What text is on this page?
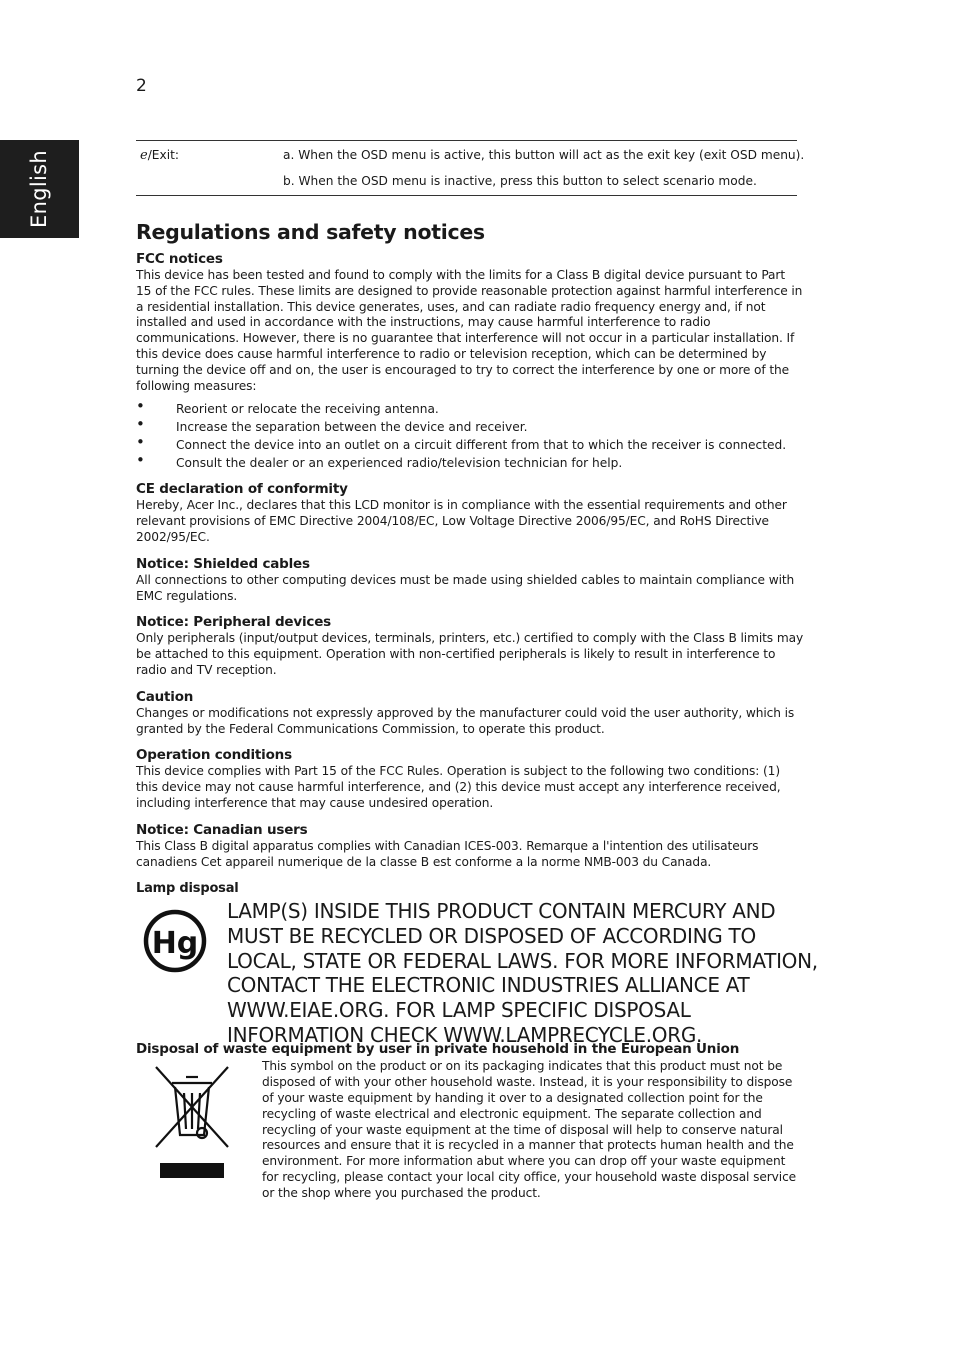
2
English	e/Exit:	a. When the OSD menu is active, this button will act as the exit key (exit OSD menu).
b. When the OSD menu is inactive, press this button to select scenario mode.
Regulations and safety notices
FCC notices

This device has been tested and found to comply with the limits for a Class B digital device pursuant to Part 15 of the FCC rules. These limits are designed to provide reasonable protection against harmful interference in a residential installation. This device generates, uses, and can radiate radio frequency energy and, if not installed and used in accordance with the instructions, may cause harmful interference to radio communications. However, there is no guarantee that interference will not occur in a particular installation. If this device does cause harmful interference to radio or television reception, which can be determined by turning the device off and on, the user is encouraged to try to correct the interference by one or more of the following measures:

• Reorient or relocate the receiving antenna.
• Increase the separation between the device and receiver.
• Connect the device into an outlet on a circuit different from that to which the receiver is connected.
• Consult the dealer or an experienced radio/television technician for help.
CE declaration of conformity

Hereby, Acer Inc., declares that this LCD monitor is in compliance with the essential requirements and other relevant provisions of EMC Directive 2004/108/EC, Low Voltage Directive 2006/95/EC, and RoHS Directive 2002/95/EC.

Notice: Shielded cables

All connections to other computing devices must be made using shielded cables to maintain compliance with EMC regulations.

Notice: Peripheral devices

Only peripherals (input/output devices, terminals, printers, etc.) certified to comply with the Class B limits may be attached to this equipment. Operation with non-certified peripherals is likely to result in interference to radio and TV reception.

Caution

Changes or modifications not expressly approved by the manufacturer could void the user authority, which is granted by the Federal Communications Commission, to operate this product.

Operation conditions

This device complies with Part 15 of the FCC Rules. Operation is subject to the following two conditions: (1) this device may not cause harmful interference, and (2) this device must accept any interference received, including interference that may cause undesired operation.

Notice: Canadian users

This Class B digital apparatus complies with Canadian ICES-003. Remarque a l'intention des utilisateurs canadiens Cet appareil numerique de la classe B est conforme a la norme NMB-003 du Canada.

Lamp disposal
Hg
LAMP(S) INSIDE THIS PRODUCT CONTAIN MERCURY AND MUST BE RECYCLED OR DISPOSED OF ACCORDING TO LOCAL, STATE OR FEDERAL LAWS. FOR MORE INFORMATION, CONTACT THE ELECTRONIC INDUSTRIES ALLIANCE AT WWW.EIAE.ORG. FOR LAMP SPECIFIC DISPOSAL INFORMATION CHECK WWW.LAMPRECYCLE.ORG.
Disposal of waste equipment by user in private household in the European Union
This symbol on the product or on its packaging indicates that this product must not be disposed of with your other household waste. Instead, it is your responsibility to dispose of your waste equipment by handing it over to a designated collection point for the recycling of waste electrical and electronic equipment. The separate collection and recycling of your waste equipment at the time of disposal will help to conserve natural resources and ensure that it is recycled in a manner that protects human health and the environment. For more information abut where you can drop off your waste equipment for recycling, please contact your local city office, your household waste disposal service or the shop where you purchased the product.
